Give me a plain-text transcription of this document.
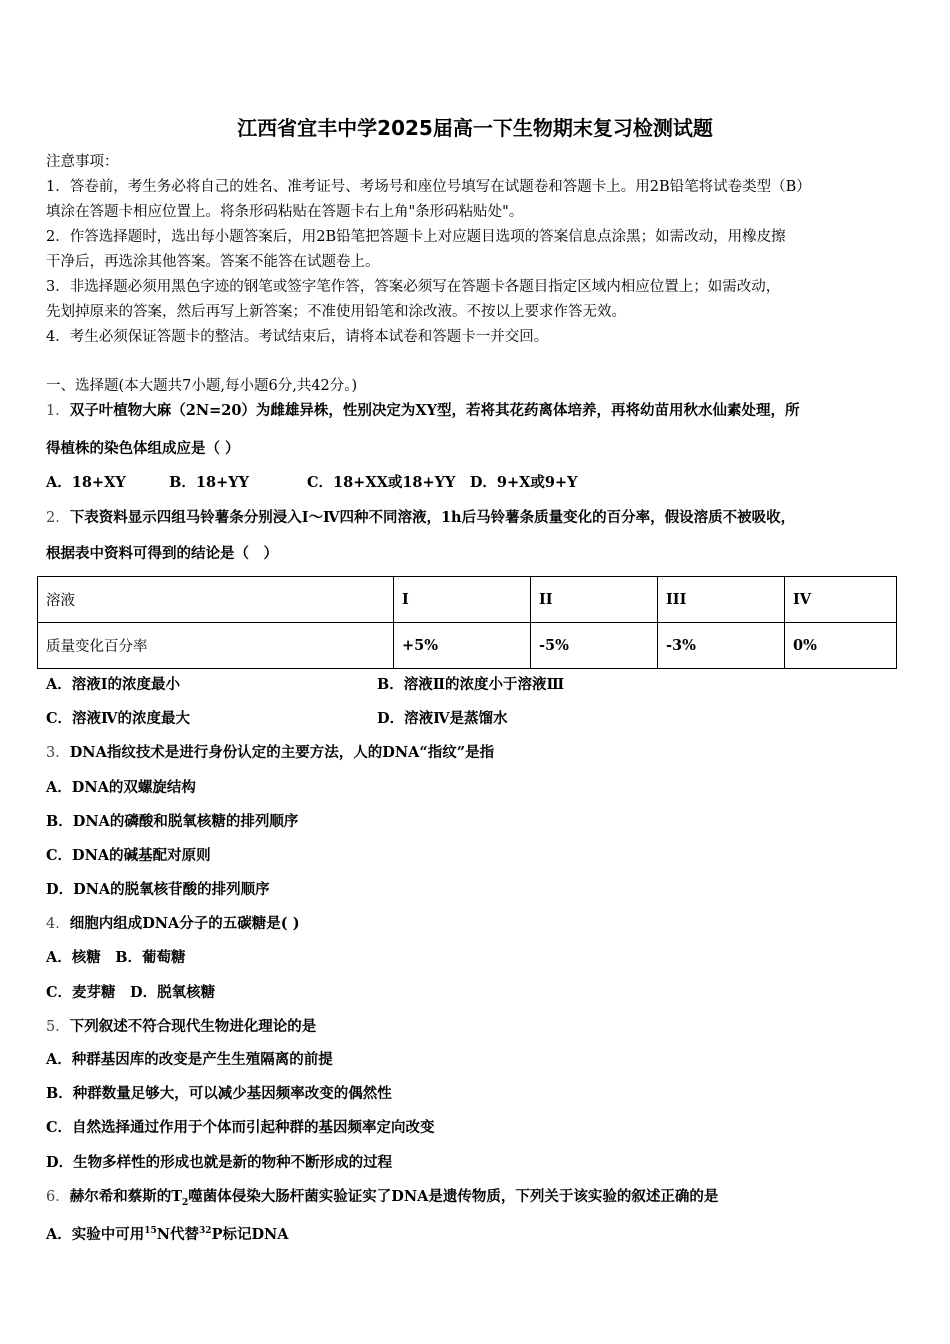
江西省宜丰中学2025届高一下生物期末复习检测试题
注意事项：
1．答卷前，考生务必将自己的姓名、准考证号、考场号和座位号填写在试题卷和答题卡上。用2B铅笔将试卷类型（B）
填涂在答题卡相应位置上。将条形码粘贴在答题卡右上角"条形码粘贴处"。
2．作答选择题时，选出每小题答案后，用2B铅笔把答题卡上对应题目选项的答案信息点涂黑；如需改动，用橡皮擦
干净后，再选涂其他答案。答案不能答在试题卷上。
3．非选择题必须用黑色字迹的钢笔或签字笔作答，答案必须写在答题卡各题目指定区域内相应位置上；如需改动，
先划掉原来的答案，然后再写上新答案；不准使用铅笔和涂改液。不按以上要求作答无效。
4．考生必须保证答题卡的整洁。考试结束后，请将本试卷和答题卡一并交回。
一、选择题(本大题共7小题,每小题6分,共42分。)
1．双子叶植物大麻（2N=20）为雌雄异株，性别决定为XY型，若将其花药离体培养，再将幼苗用秋水仙素处理，所
得植株的染色体组成应是（ ）
A．18+XY　　　B．18+YY　　　　C．18+XX或18+YY　D．9+X或9+Y
2．下表资料显示四组马铃薯条分别浸入Ⅰ～Ⅳ四种不同溶液，1h后马铃薯条质量变化的百分率，假设溶质不被吸收，
根据表中资料可得到的结论是（　）
溶液	I	II	III	IV
质量变化百分率	+5%	-5%	-3%	0%
A．溶液Ⅰ的浓度最小	B．溶液Ⅱ的浓度小于溶液Ⅲ
C．溶液Ⅳ的浓度最大	D．溶液Ⅳ是蒸馏水
3．DNA指纹技术是进行身份认定的主要方法，人的DNA“指纹”是指
A．DNA的双螺旋结构
B．DNA的磷酸和脱氧核糖的排列顺序
C．DNA的碱基配对原则
D．DNA的脱氧核苷酸的排列顺序
4．细胞内组成DNA分子的五碳糖是( )
A．核糖　B．葡萄糖
C．麦芽糖　D．脱氧核糖
5．下列叙述不符合现代生物进化理论的是
A．种群基因库的改变是产生生殖隔离的前提
B．种群数量足够大，可以减少基因频率改变的偶然性
C．自然选择通过作用于个体而引起种群的基因频率定向改变
D．生物多样性的形成也就是新的物种不断形成的过程
6．赫尔希和蔡斯的$T_2$噬菌体侵染大肠杆菌实验证实了DNA是遗传物质，下列关于该实验的叙述正确的是
A．实验中可用$^{15}$N代替$^{32}$P标记DNA
